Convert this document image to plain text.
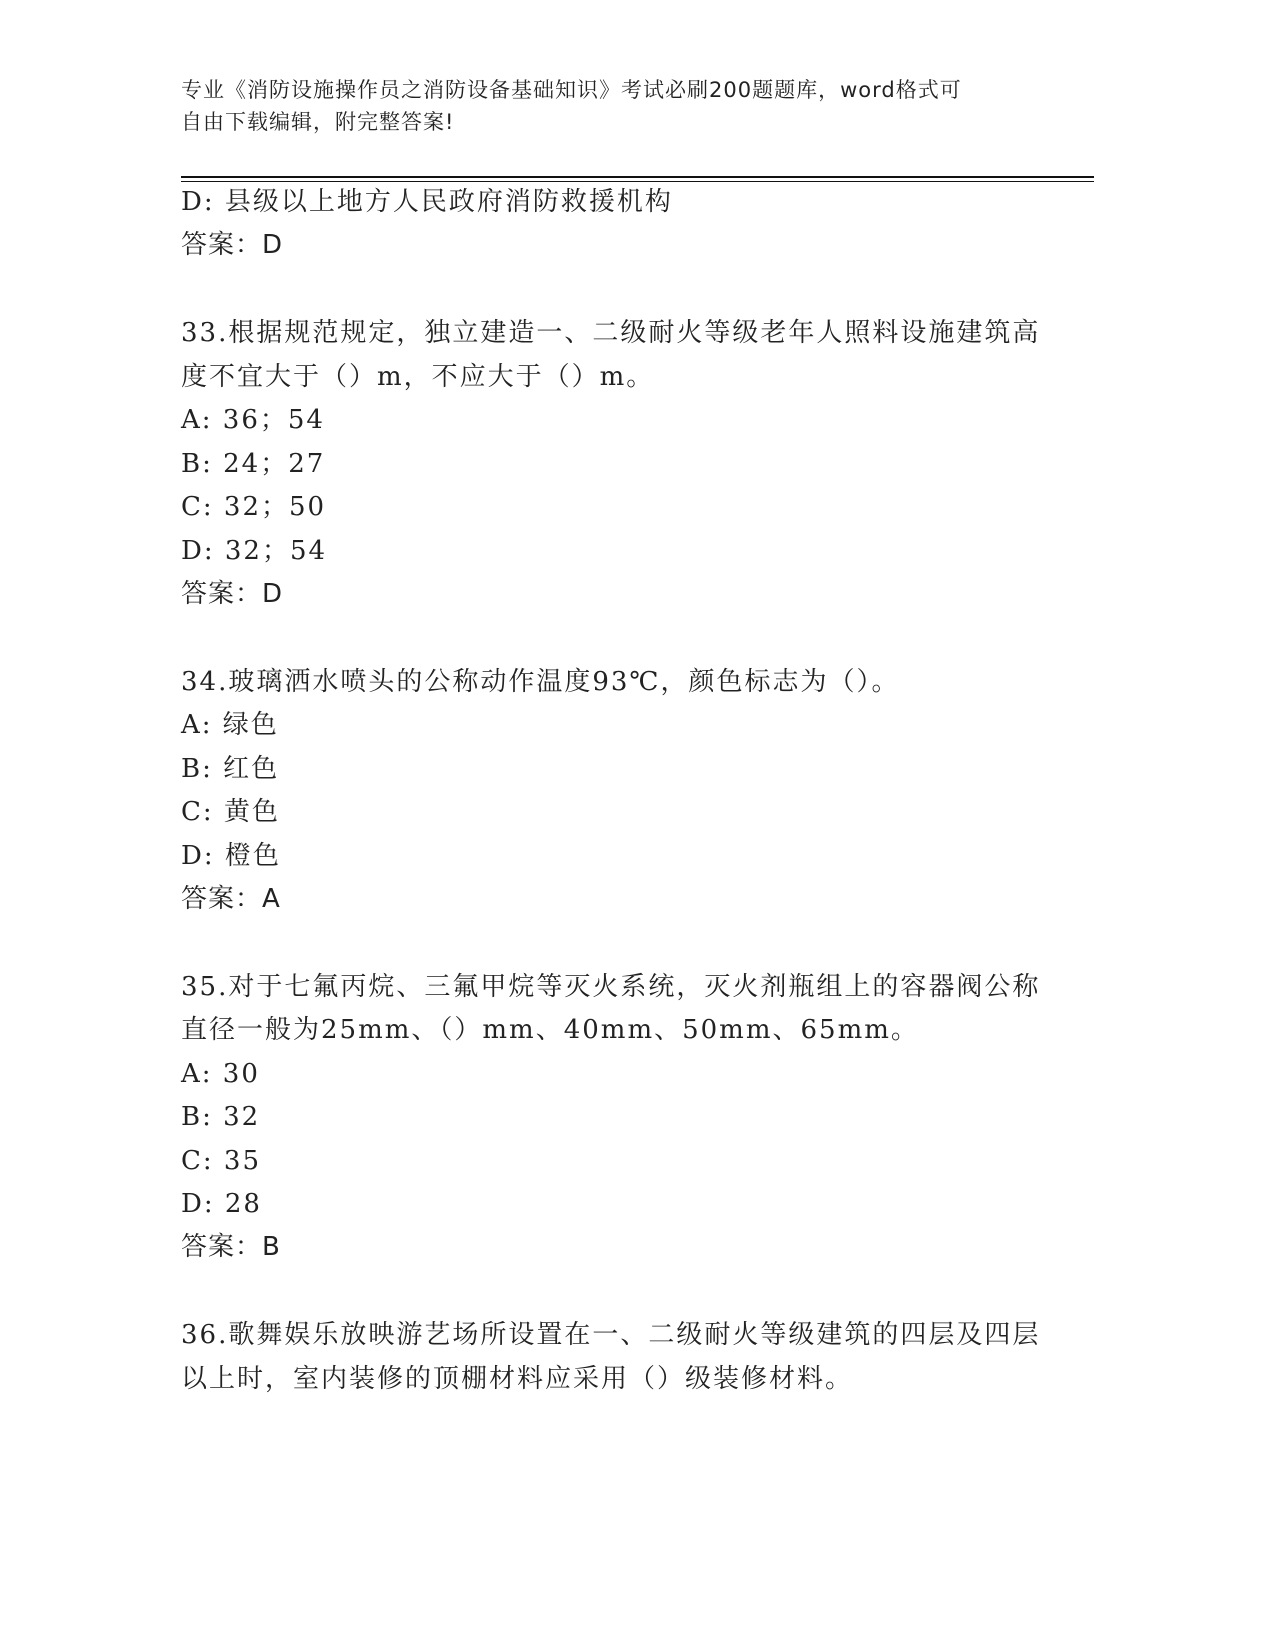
专业《消防设施操作员之消防设备基础知识》考试必刷200题题库，word格式可
自由下载编辑，附完整答案!
D: 县级以上地方人民政府消防救援机构
答案：D
33.根据规范规定，独立建造一、二级耐火等级老年人照料设施建筑高
度不宜大于（）m，不应大于（）m。
A: 36；54
B: 24；27
C: 32；50
D: 32；54
答案：D
34.玻璃洒水喷头的公称动作温度93℃，颜色标志为（）。
A: 绿色
B: 红色
C: 黄色
D: 橙色
答案：A
35.对于七氟丙烷、三氟甲烷等灭火系统，灭火剂瓶组上的容器阀公称
直径一般为25mm、（）mm、40mm、50mm、65mm。
A: 30
B: 32
C: 35
D: 28
答案：B
36.歌舞娱乐放映游艺场所设置在一、二级耐火等级建筑的四层及四层
以上时，室内装修的顶棚材料应采用（）级装修材料。
